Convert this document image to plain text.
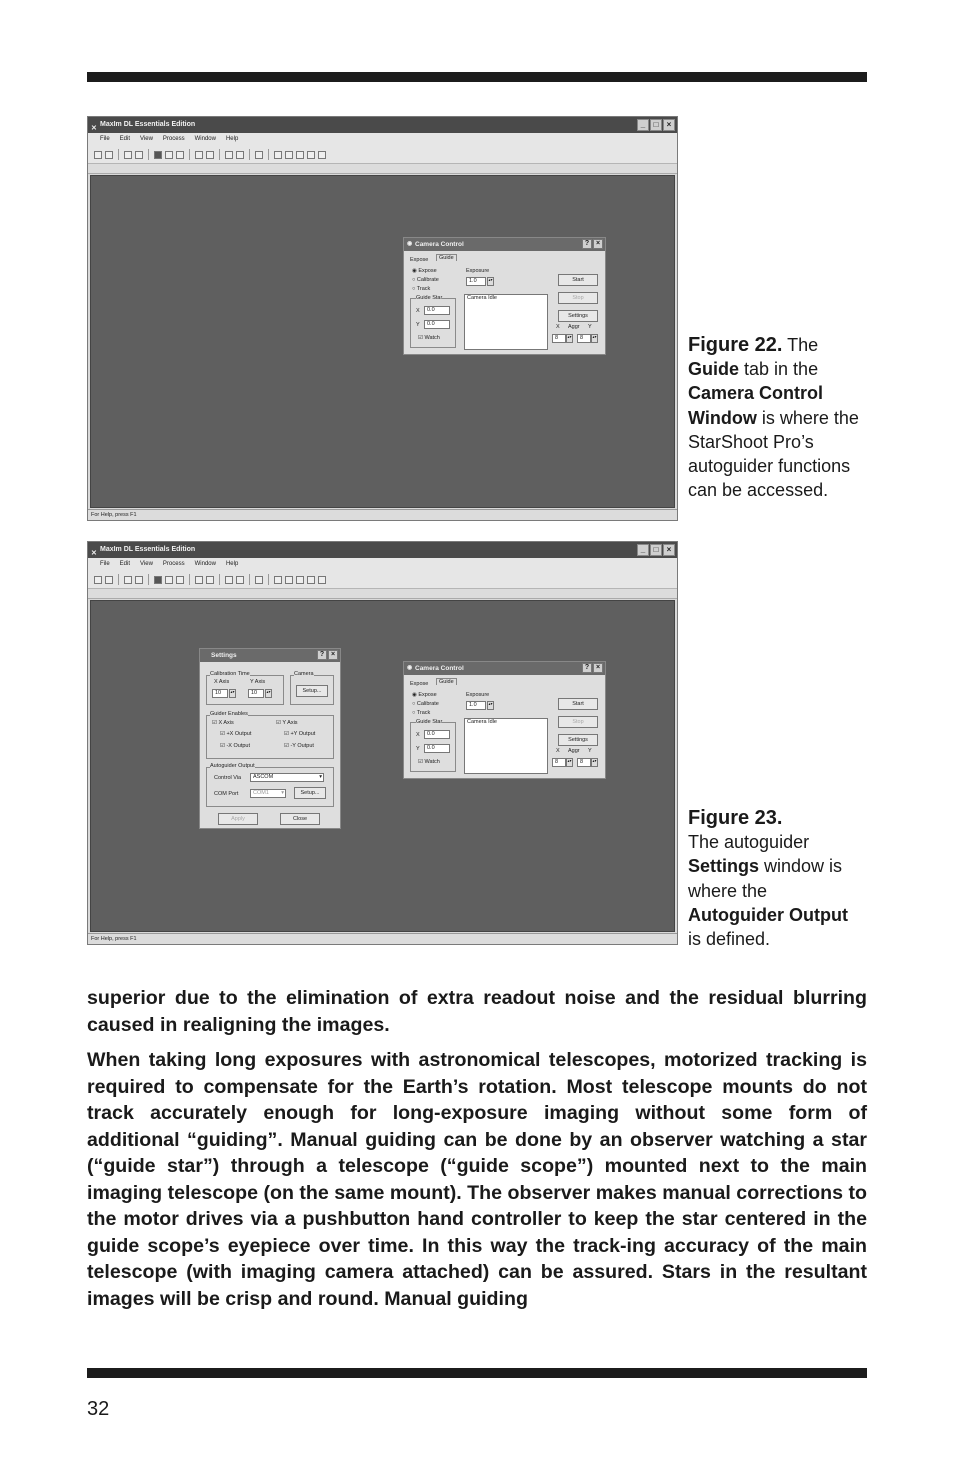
✕
MaxIm DL Essentials Edition	_	□	×
File Edit View Process Window Help
◉ Camera Control	? ×
Expose	Guide
◉ Expose
○ Calibrate
○ Track
Exposure
1.0	▴▾
Guide Star
X	0.0
Y	0.0
☑ Watch
Camera Idle
Start
Stop
Settings
X Aggr Y
8	▴▾	8	▴▾
For Help, press F1
Figure 22. The Guide tab in the Camera Control Window is where the StarShoot Pro’s autoguider functions can be accessed.
✕
MaxIm DL Essentials Edition	_	□	×
File Edit View Process Window Help
Settings	? ×
Calibration Time
X Axis	Y Axis
10	▴▾	10	▴▾
Camera
Setup...
Guider Enables
☑ X Axis	☑ Y Axis
☑ +X Output	☑ +Y Output
☑ -X Output	☑ -Y Output
Autoguider Output
Control Via	ASCOM	▾
COM Port	COM1 ▾	Setup...
Apply	Close
◉ Camera Control	? ×
Expose	Guide
◉ Expose
○ Calibrate
○ Track
Exposure
1.0	▴▾
Guide Star
X	0.0
Y	0.0
☑ Watch
Camera Idle
Start
Stop
Settings
X Aggr Y
8	▴▾	8	▴▾
For Help, press F1
Figure 23.
The autoguider Settings window is where the Autoguider Output is defined.

superior due to the elimination of extra readout noise and the residual blurring caused in realigning the images.

When taking long exposures with astronomical telescopes, motorized tracking is required to compensate for the Earth’s rotation. Most telescope mounts do not track accurately enough for long-exposure imaging without some form of additional “guiding”. Manual guiding can be done by an observer watching a star (“guide star”) through a telescope (“guide scope”) mounted next to the main imaging telescope (on the same mount). The observer makes manual corrections to the motor drives via a pushbutton hand controller to keep the star centered in the guide scope’s eyepiece over time. In this way the track-ing accuracy of the main telescope (with imaging camera attached) can be assured. Stars in the resultant images will be crisp and round. Manual guiding

32
